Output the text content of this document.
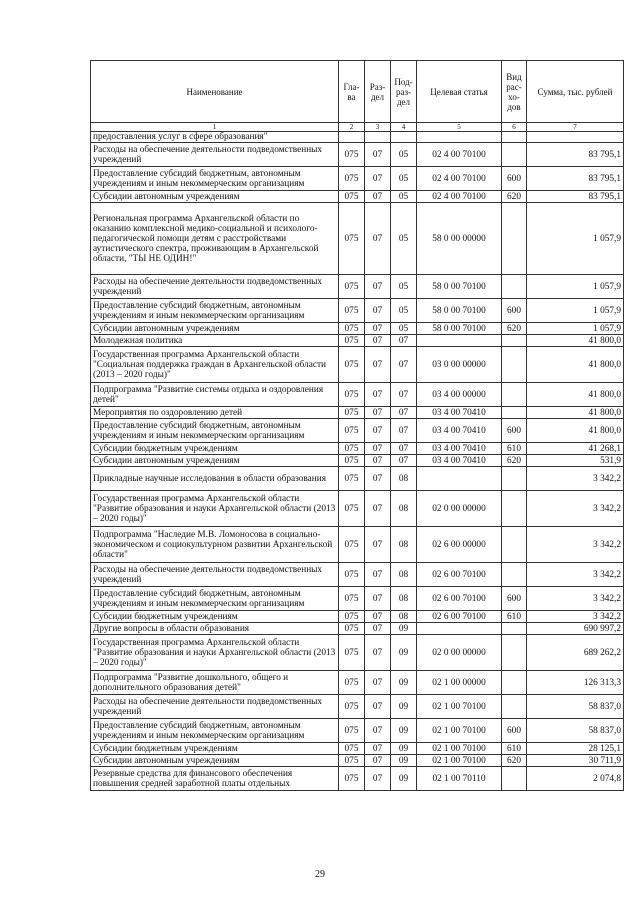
Наименование	Гла-ва	Раз-дел	Под-раз-дел	Целевая статья	Вид рас-хо-дов	Сумма, тыс. рублей
1	2	3	4	5	6	7
предоставления услуг в сфере образования"						
Расходы на обеспечение деятельности подведомственных учреждений	075	07	05	02 4 00 70100		83 795,1
Предоставление субсидий бюджетным, автономным учреждениям и иным некоммерческим организациям	075	07	05	02 4 00 70100	600	83 795,1
Субсидии автономным учреждениям	075	07	05	02 4 00 70100	620	83 795,1
Региональная программа Архангельской области по оказанию комплексной медико-социальной и психолого-педагогической помощи детям с расстройствами аутистического спектра, проживающим в Архангельской области, "ТЫ НЕ ОДИН!"	075	07	05	58 0 00 00000		1 057,9
Расходы на обеспечение деятельности подведомственных учреждений	075	07	05	58 0 00 70100		1 057,9
Предоставление субсидий бюджетным, автономным учреждениям и иным некоммерческим организациям	075	07	05	58 0 00 70100	600	1 057,9
Субсидии автономным учреждениям	075	07	05	58 0 00 70100	620	1 057,9
Молодежная политика	075	07	07			41 800,0
Государственная программа Архангельской области "Социальная поддержка граждан в Архангельской области (2013 – 2020 годы)"	075	07	07	03 0 00 00000		41 800,0
Подпрограмма "Развитие системы отдыха и оздоровления детей"	075	07	07	03 4 00 00000		41 800,0
Мероприятия по оздоровлению детей	075	07	07	03 4 00 70410		41 800,0
Предоставление субсидий бюджетным, автономным учреждениям и иным некоммерческим организациям	075	07	07	03 4 00 70410	600	41 800,0
Субсидии бюджетным учреждениям	075	07	07	03 4 00 70410	610	41 268,1
Субсидии автономным учреждениям	075	07	07	03 4 00 70410	620	531,9
Прикладные научные исследования в области образования	075	07	08			3 342,2
Государственная программа Архангельской области "Развитие образования и науки Архангельской области (2013 – 2020 годы)"	075	07	08	02 0 00 00000		3 342,2
Подпрограмма "Наследие М.В. Ломоносова в социально-экономическом и социокультурном развитии Архангельской области"	075	07	08	02 6 00 00000		3 342,2
Расходы на обеспечение деятельности подведомственных учреждений	075	07	08	02 6 00 70100		3 342,2
Предоставление субсидий бюджетным, автономным учреждениям и иным некоммерческим организациям	075	07	08	02 6 00 70100	600	3 342,2
Субсидии бюджетным учреждениям	075	07	08	02 6 00 70100	610	3 342,2
Другие вопросы в области образования	075	07	09			690 997,2
Государственная программа Архангельской области "Развитие образования и науки Архангельской области (2013 – 2020 годы)"	075	07	09	02 0 00 00000		689 262,2
Подпрограмма "Развитие дошкольного, общего и дополнительного образования детей"	075	07	09	02 1 00 00000		126 313,3
Расходы на обеспечение деятельности подведомственных учреждений	075	07	09	02 1 00 70100		58 837,0
Предоставление субсидий бюджетным, автономным учреждениям и иным некоммерческим организациям	075	07	09	02 1 00 70100	600	58 837,0
Субсидии бюджетным учреждениям	075	07	09	02 1 00 70100	610	28 125,1
Субсидии автономным учреждениям	075	07	09	02 1 00 70100	620	30 711,9
Резервные средства для финансового обеспечения повышения средней заработной платы отдельных	075	07	09	02 1 00 70110		2 074,8
29
